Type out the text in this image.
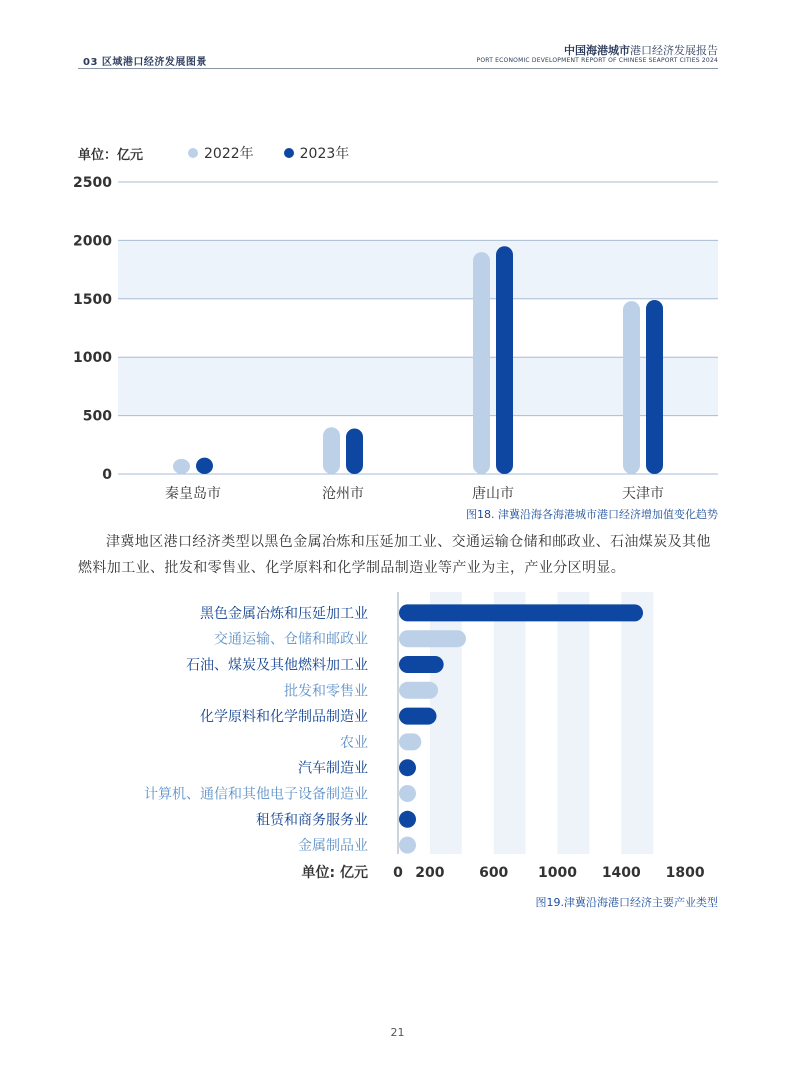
03 区域港口经济发展图景
中国海港城市港口经济发展报告
PORT ECONOMIC DEVELOPMENT REPORT OF CHINESE SEAPORT CITIES 2024
单位：亿元	2022年	2023年
0
500
1000
1500
2000
2500
秦皇岛市	沧州市	唐山市	天津市
图18. 津冀沿海各海港城市港口经济增加值变化趋势
津冀地区港口经济类型以黑色金属冶炼和压延加工业、交通运输仓储和邮政业、石油煤炭及其他燃料加工业、批发和零售业、化学原料和化学制品制造业等产业为主，产业分区明显。
黑色金属冶炼和压延加工业
交通运输、仓储和邮政业
石油、煤炭及其他燃料加工业
批发和零售业
化学原料和化学制品制造业
农业
汽车制造业
计算机、通信和其他电子设备制造业
租赁和商务服务业
金属制品业
单位: 亿元 0 200 600 1000 1400 1800
图19.津冀沿海港口经济主要产业类型
21
